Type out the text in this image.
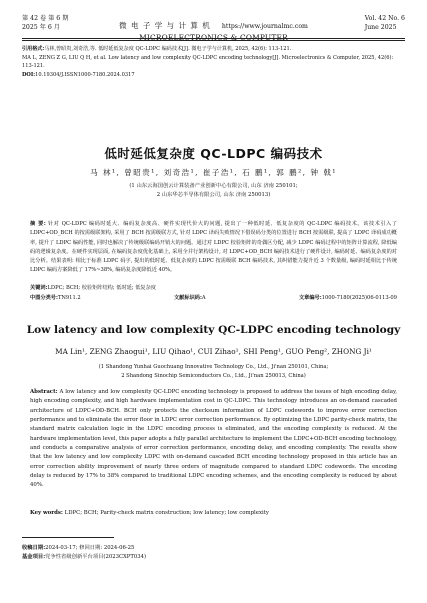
第 42 卷 第 6 期
2025 年 6 月	微 电 子 学 与 计 算 机 https://www.journalmc.com
MICROELECTRONICS & COMPUTER
Vol. 42 No. 6
June 2025
引用格式:马林,曾昭贵,刘奇浩,等. 低时延低复杂度 QC-LDPC 编码技术[J]. 微电子学与计算机, 2025, 42(6): 113-121.
MA L, ZENG Z G, LIU Q H, et al. Low latency and low complexity QC-LDPC encoding technology[J]. Microelectronics & Computer, 2025, 42(6): 113-121.
DOI:10.19304/J.ISSN1000-7180.2024.0317
低时延低复杂度 QC-LDPC 编码技术
马 林¹, 曾昭贵¹, 刘奇浩¹, 崔子浩¹, 石 鹏¹, 郭 鹏², 钟 戟¹
(1 山东云海国创云计算装备产业创新中心有限公司, 山东 济南 250101;
2 山东华芯半导体有限公司, 山东 济南 250013)
摘 要: 针对 QC-LDPC 编码时延大、编码复杂度高、硬件实现代价大的问题, 提出了一种低时延、低复杂度的 QC-LDPC 编码技术。该技术引入了 LDPC+OD_BCH 的按需级联架构, 采用了 BCH 按需级联方式, 针对 LDPC 译码失败情况下借误码分类的位置进行 BCH 按需级联, 提高了 LDPC 译码成功概率, 提升了 LDPC 编码性能, 同时也解决了传统级联编码开销大的问题。通过对 LDPC 校验矩阵的奇偶区分配, 减少 LDPC 编码过程中的矩阵计算流程, 降低编码的逻辑复杂度。在硬件实现层面, 在编码复杂度优化基础上, 采用全并行架构设计, 对 LDPC+OD_BCH 编码技术进行了硬件设计, 编码时延、编码复杂度的对比分析。结果表明: 相比于标准 LDPC 码字, 提出的低时延、低复杂度的 LDPC 按需级联 BCH 编码技术, 其纠错能力提升近 3 个数量级, 编码时延相比于传统 LDPC 编码方案降低了 17%~38%, 编码复杂度降低近 40%。
关键词:LDPC; BCH; 校验矩阵结构; 低时延; 低复杂度
中图分类号:TN911.2	文献标识码:A	文章编号:1000-7180(2025)06-0113-09
Low latency and low complexity QC-LDPC encoding technology
MA Lin¹, ZENG Zhaogui¹, LIU Qihao¹, CUI Zihao¹, SHI Peng¹, GUO Peng², ZHONG Ji¹
(1 Shandong Yunhai Guochuang Innovative Technology Co., Ltd., Ji'nan 250101, China;
2 Shandong Sinochip Semiconductors Co., Ltd., Ji'nan 250013, China)
Abstract: A low latency and low complexity QC-LDPC encoding technology is proposed to address the issues of high encoding delay, high encoding complexity, and high hardware implementation cost in QC-LDPC. This technology introduces an on-demand cascaded architecture of LDPC+OD-BCH. BCH only protects the checksum information of LDPC codewords to improve error correction performance and to eliminate the error floor in LDPC error correction performance. By optimizing the LDPC parity-check matrix, the standard matrix calculation logic in the LDPC encoding process is eliminated, and the encoding complexity is reduced. At the hardware implementation level, this paper adopts a fully parallel architecture to implement the LDPC+OD-BCH encoding technology, and conducts a comparative analysis of error correction performance, encoding delay, and encoding complexity. The results show that the low latency and low complexity LDPC with on-demand cascaded BCH encoding technology proposed in this article has an error correction ability improvement of nearly three orders of magnitude compared to standard LDPC codewords. The encoding delay is reduced by 17% to 38% compared to traditional LDPC encoding schemes, and the encoding complexity is reduced by about 40%.
Key words: LDPC; BCH; Parity-check matrix construction; low latency; low complexity
收稿日期:2024-03-17; 修回日期: 2024-06-25
基金项目:党争性省级创新平台项目(2023CXPT034)
